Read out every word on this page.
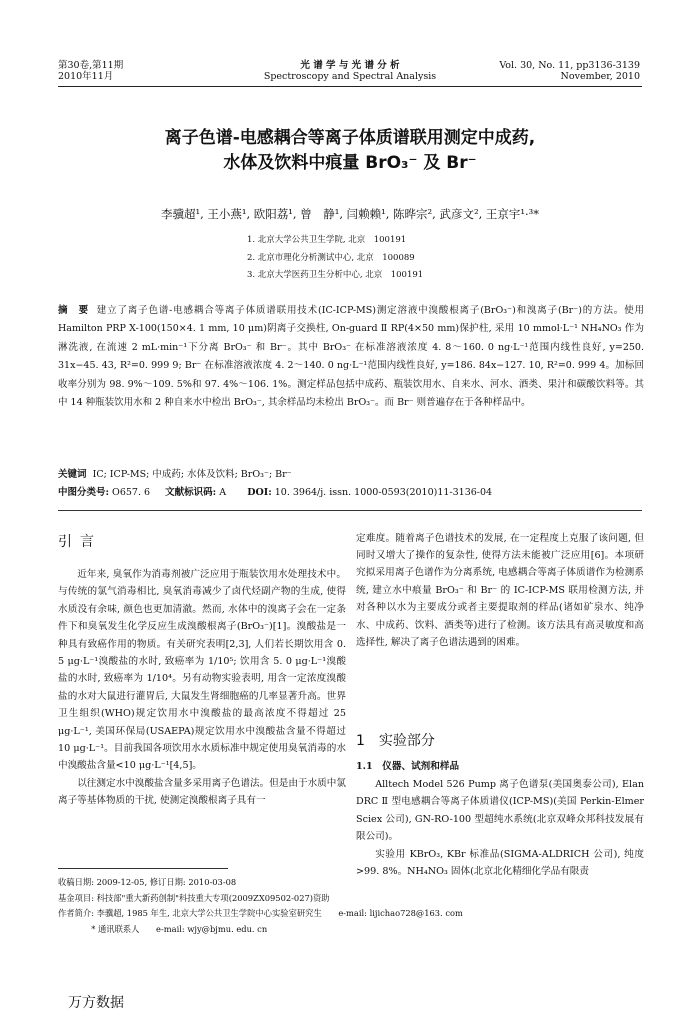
第30卷,第11期
2010年11月
光 谱 学 与 光 谱 分 析
Spectroscopy and Spectral Analysis
Vol. 30, No. 11, pp3136-3139
November, 2010
离子色谱-电感耦合等离子体质谱联用测定中成药,
水体及饮料中痕量 BrO₃⁻ 及 Br⁻
李骥超¹, 王小燕¹, 欧阳荔¹, 曾　静¹, 闫赖赖¹, 陈晔宗², 武彦文², 王京宇¹·³*
1. 北京大学公共卫生学院, 北京　100191
2. 北京市理化分析测试中心, 北京　100089
3. 北京大学医药卫生分析中心, 北京　100191
摘　要 建立了离子色谱-电感耦合等离子体质谱联用技术(IC-ICP-MS)测定溶液中溴酸根离子(BrO₃⁻)和溴离子(Br⁻)的方法。使用 Hamilton PRP X-100(150×4. 1 mm, 10 μm)阴离子交换柱, On-guard Ⅱ RP(4×50 mm)保护柱, 采用 10 mmol·L⁻¹ NH₄NO₃ 作为淋洗液, 在流速 2 mL·min⁻¹下分离 BrO₃⁻ 和 Br⁻。其中 BrO₃⁻ 在标准溶液浓度 4. 8～160. 0 ng·L⁻¹范围内线性良好, y=250. 31x−45. 43, R²=0. 999 9; Br⁻ 在标准溶液浓度 4. 2～140. 0 ng·L⁻¹范围内线性良好, y=186. 84x−127. 10, R²=0. 999 4。加标回收率分别为 98. 9%～109. 5%和 97. 4%～106. 1%。测定样品包括中成药、瓶装饮用水、自来水、河水、酒类、果汁和碳酸饮料等。其中 14 种瓶装饮用水和 2 种自来水中检出 BrO₃⁻, 其余样品均未检出 BrO₃⁻。而 Br⁻ 则普遍存在于各种样品中。
关键词 IC; ICP-MS; 中成药; 水体及饮料; BrO₃⁻; Br⁻
中图分类号: O657. 6 文献标识码: A DOI: 10. 3964/j. issn. 1000-0593(2010)11-3136-04
引言

近年来, 臭氧作为消毒剂被广泛应用于瓶装饮用水处理技术中。与传统的氯气消毒相比, 臭氧消毒减少了卤代烃副产物的生成, 使得水质没有余味, 颜色也更加清澈。然而, 水体中的溴离子会在一定条件下和臭氧发生化学反应生成溴酸根离子(BrO₃⁻)[1]。溴酸盐是一种具有致癌作用的物质。有关研究表明[2,3], 人们若长期饮用含 0. 5 μg·L⁻¹溴酸盐的水时, 致癌率为 1/10⁵; 饮用含 5. 0 μg·L⁻¹溴酸盐的水时, 致癌率为 1/10⁴。另有动物实验表明, 用含一定浓度溴酸盐的水对大鼠进行灌胃后, 大鼠发生肾细胞癌的几率显著升高。世界卫生组织(WHO)规定饮用水中溴酸盐的最高浓度不得超过 25 μg·L⁻¹, 美国环保局(USAEPA)规定饮用水中溴酸盐含量不得超过 10 μg·L⁻¹。目前我国各项饮用水水质标准中规定使用臭氧消毒的水中溴酸盐含量<10 μg·L⁻¹[4,5]。

以往测定水中溴酸盐含量多采用离子色谱法。但是由于水质中氯离子等基体物质的干扰, 使测定溴酸根离子具有一

定难度。随着离子色谱技术的发展, 在一定程度上克服了该问题, 但同时又增大了操作的复杂性, 使得方法未能被广泛应用[6]。本项研究拟采用离子色谱作为分离系统, 电感耦合等离子体质谱作为检测系统, 建立水中痕量 BrO₃⁻ 和 Br⁻ 的 IC-ICP-MS 联用检测方法, 并对各种以水为主要成分或者主要提取剂的样品(诸如矿泉水、纯净水、中成药、饮料、酒类等)进行了检测。该方法具有高灵敏度和高选择性, 解决了离子色谱法遇到的困难。

1　实验部分
1.1　仪器、试剂和样品

Alltech Model 526 Pump 离子色谱泵(美国奥泰公司), Elan DRC Ⅱ 型电感耦合等离子体质谱仪(ICP-MS)(美国 Perkin-Elmer Sciex 公司), GN-RO-100 型超纯水系统(北京双峰众邦科技发展有限公司)。

实验用 KBrO₃, KBr 标准品(SIGMA-ALDRICH 公司), 纯度>99. 8%。NH₄NO₃ 固体(北京北化精细化学品有限责

收稿日期: 2009-12-05, 修订日期: 2010-03-08
基金项目: 科技部"重大新药创制"科技重大专项(2009ZX09502-027)资助
作者简介: 李骥超, 1985 年生, 北京大学公共卫生学院中心实验室研究生　　e-mail: lijichao728@163. com
* 通讯联系人　　e-mail: wjy@bjmu. edu. cn
万方数据
